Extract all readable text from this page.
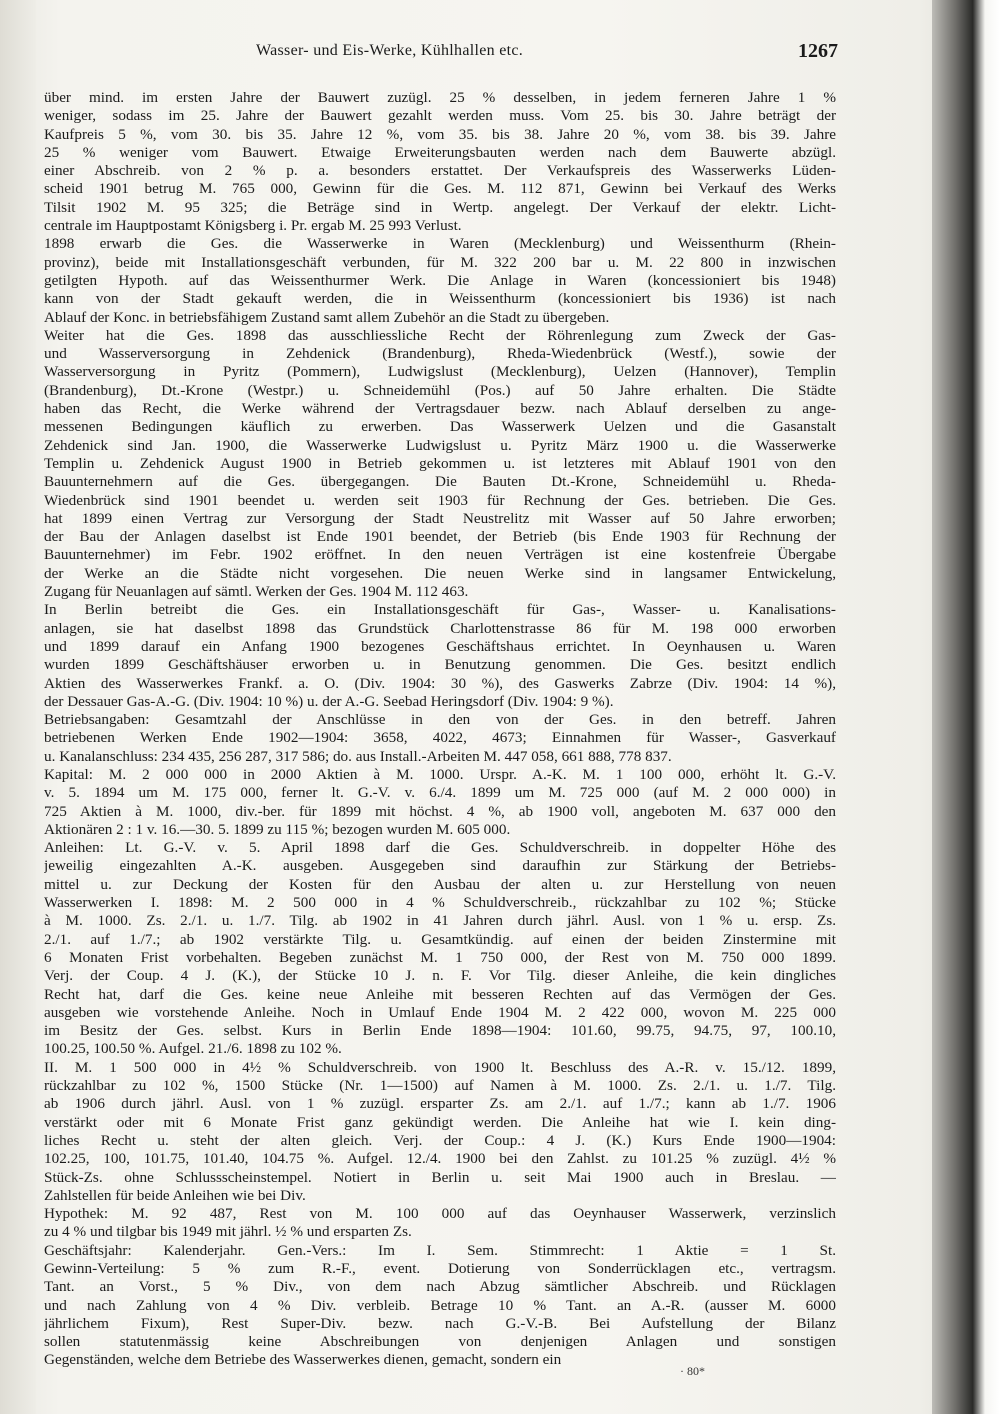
Wasser- und Eis-Werke, Kühlhallen etc.	1267
über mind. im ersten Jahre der Bauwert zuzügl. 25 % desselben, in jedem ferneren Jahre 1 %
weniger, sodass im 25. Jahre der Bauwert gezahlt werden muss. Vom 25. bis 30. Jahre beträgt der
Kaufpreis 5 %, vom 30. bis 35. Jahre 12 %, vom 35. bis 38. Jahre 20 %, vom 38. bis 39. Jahre
25 % weniger vom Bauwert. Etwaige Erweiterungsbauten werden nach dem Bauwerte abzügl.
einer Abschreib. von 2 % p. a. besonders erstattet. Der Verkaufspreis des Wasserwerks Lüden-
scheid 1901 betrug M. 765 000, Gewinn für die Ges. M. 112 871, Gewinn bei Verkauf des Werks
Tilsit 1902 M. 95 325; die Beträge sind in Wertp. angelegt. Der Verkauf der elektr. Licht-
centrale im Hauptpostamt Königsberg i. Pr. ergab M. 25 993 Verlust.
1898 erwarb die Ges. die Wasserwerke in Waren (Mecklenburg) und Weissenthurm (Rhein-
provinz), beide mit Installationsgeschäft verbunden, für M. 322 200 bar u. M. 22 800 in inzwischen
getilgten Hypoth. auf das Weissenthurmer Werk. Die Anlage in Waren (koncessioniert bis 1948)
kann von der Stadt gekauft werden, die in Weissenthurm (koncessioniert bis 1936) ist nach
Ablauf der Konc. in betriebsfähigem Zustand samt allem Zubehör an die Stadt zu übergeben.
Weiter hat die Ges. 1898 das ausschliessliche Recht der Röhrenlegung zum Zweck der Gas-
und Wasserversorgung in Zehdenick (Brandenburg), Rheda-Wiedenbrück (Westf.), sowie der
Wasserversorgung in Pyritz (Pommern), Ludwigslust (Mecklenburg), Uelzen (Hannover), Templin
(Brandenburg), Dt.-Krone (Westpr.) u. Schneidemühl (Pos.) auf 50 Jahre erhalten. Die Städte
haben das Recht, die Werke während der Vertragsdauer bezw. nach Ablauf derselben zu ange-
messenen Bedingungen käuflich zu erwerben. Das Wasserwerk Uelzen und die Gasanstalt
Zehdenick sind Jan. 1900, die Wasserwerke Ludwigslust u. Pyritz März 1900 u. die Wasserwerke
Templin u. Zehdenick August 1900 in Betrieb gekommen u. ist letzteres mit Ablauf 1901 von den
Bauunternehmern auf die Ges. übergegangen. Die Bauten Dt.-Krone, Schneidemühl u. Rheda-
Wiedenbrück sind 1901 beendet u. werden seit 1903 für Rechnung der Ges. betrieben. Die Ges.
hat 1899 einen Vertrag zur Versorgung der Stadt Neustrelitz mit Wasser auf 50 Jahre erworben;
der Bau der Anlagen daselbst ist Ende 1901 beendet, der Betrieb (bis Ende 1903 für Rechnung der
Bauunternehmer) im Febr. 1902 eröffnet. In den neuen Verträgen ist eine kostenfreie Übergabe
der Werke an die Städte nicht vorgesehen. Die neuen Werke sind in langsamer Entwickelung,
Zugang für Neuanlagen auf sämtl. Werken der Ges. 1904 M. 112 463.
In Berlin betreibt die Ges. ein Installationsgeschäft für Gas-, Wasser- u. Kanalisations-
anlagen, sie hat daselbst 1898 das Grundstück Charlottenstrasse 86 für M. 198 000 erworben
und 1899 darauf ein Anfang 1900 bezogenes Geschäftshaus errichtet. In Oeynhausen u. Waren
wurden 1899 Geschäftshäuser erworben u. in Benutzung genommen. Die Ges. besitzt endlich
Aktien des Wasserwerkes Frankf. a. O. (Div. 1904: 30 %), des Gaswerks Zabrze (Div. 1904: 14 %),
der Dessauer Gas-A.-G. (Div. 1904: 10 %) u. der A.-G. Seebad Heringsdorf (Div. 1904: 9 %).
Betriebsangaben: Gesamtzahl der Anschlüsse in den von der Ges. in den betreff. Jahren
betriebenen Werken Ende 1902—1904: 3658, 4022, 4673; Einnahmen für Wasser-, Gasverkauf
u. Kanalanschluss: 234 435, 256 287, 317 586; do. aus Install.-Arbeiten M. 447 058, 661 888, 778 837.
Kapital: M. 2 000 000 in 2000 Aktien à M. 1000. Urspr. A.-K. M. 1 100 000, erhöht lt. G.-V.
v. 5. 1894 um M. 175 000, ferner lt. G.-V. v. 6./4. 1899 um M. 725 000 (auf M. 2 000 000) in
725 Aktien à M. 1000, div.-ber. für 1899 mit höchst. 4 %, ab 1900 voll, angeboten M. 637 000 den
Aktionären 2 : 1 v. 16.—30. 5. 1899 zu 115 %; bezogen wurden M. 605 000.
Anleihen: Lt. G.-V. v. 5. April 1898 darf die Ges. Schuldverschreib. in doppelter Höhe des
jeweilig eingezahlten A.-K. ausgeben. Ausgegeben sind daraufhin zur Stärkung der Betriebs-
mittel u. zur Deckung der Kosten für den Ausbau der alten u. zur Herstellung von neuen
Wasserwerken I. 1898: M. 2 500 000 in 4 % Schuldverschreib., rückzahlbar zu 102 %; Stücke
à M. 1000. Zs. 2./1. u. 1./7. Tilg. ab 1902 in 41 Jahren durch jährl. Ausl. von 1 % u. ersp. Zs.
2./1. auf 1./7.; ab 1902 verstärkte Tilg. u. Gesamtkündig. auf einen der beiden Zinstermine mit
6 Monaten Frist vorbehalten. Begeben zunächst M. 1 750 000, der Rest von M. 750 000 1899.
Verj. der Coup. 4 J. (K.), der Stücke 10 J. n. F. Vor Tilg. dieser Anleihe, die kein dingliches
Recht hat, darf die Ges. keine neue Anleihe mit besseren Rechten auf das Vermögen der Ges.
ausgeben wie vorstehende Anleihe. Noch in Umlauf Ende 1904 M. 2 422 000, wovon M. 225 000
im Besitz der Ges. selbst. Kurs in Berlin Ende 1898—1904: 101.60, 99.75, 94.75, 97, 100.10,
100.25, 100.50 %. Aufgel. 21./6. 1898 zu 102 %.
II. M. 1 500 000 in 4½ % Schuldverschreib. von 1900 lt. Beschluss des A.-R. v. 15./12. 1899,
rückzahlbar zu 102 %, 1500 Stücke (Nr. 1—1500) auf Namen à M. 1000. Zs. 2./1. u. 1./7. Tilg.
ab 1906 durch jährl. Ausl. von 1 % zuzügl. ersparter Zs. am 2./1. auf 1./7.; kann ab 1./7. 1906
verstärkt oder mit 6 Monate Frist ganz gekündigt werden. Die Anleihe hat wie I. kein ding-
liches Recht u. steht der alten gleich. Verj. der Coup.: 4 J. (K.) Kurs Ende 1900—1904:
102.25, 100, 101.75, 101.40, 104.75 %. Aufgel. 12./4. 1900 bei den Zahlst. zu 101.25 % zuzügl. 4½ %
Stück-Zs. ohne Schlussscheinstempel. Notiert in Berlin u. seit Mai 1900 auch in Breslau. —
Zahlstellen für beide Anleihen wie bei Div.
Hypothek: M. 92 487, Rest von M. 100 000 auf das Oeynhauser Wasserwerk, verzinslich
zu 4 % und tilgbar bis 1949 mit jährl. ½ % und ersparten Zs.
Geschäftsjahr: Kalenderjahr. Gen.-Vers.: Im I. Sem. Stimmrecht: 1 Aktie = 1 St.
Gewinn-Verteilung: 5 % zum R.-F., event. Dotierung von Sonderrücklagen etc., vertragsm.
Tant. an Vorst., 5 % Div., von dem nach Abzug sämtlicher Abschreib. und Rücklagen
und nach Zahlung von 4 % Div. verbleib. Betrage 10 % Tant. an A.-R. (ausser M. 6000
jährlichem Fixum), Rest Super-Div. bezw. nach G.-V.-B. Bei Aufstellung der Bilanz
sollen statutenmässig keine Abschreibungen von denjenigen Anlagen und sonstigen
Gegenständen, welche dem Betriebe des Wasserwerkes dienen, gemacht, sondern ein
· 80*
